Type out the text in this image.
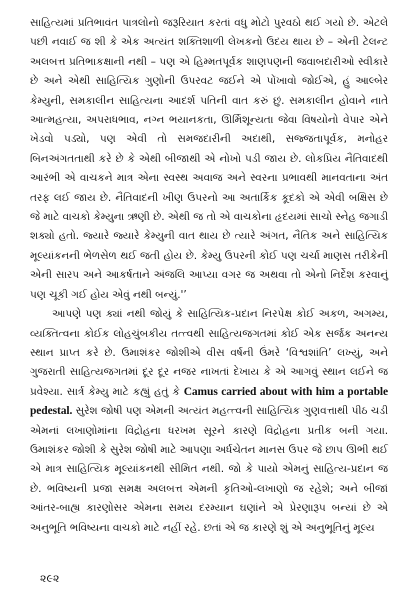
સાહિત્યમાં પ્રતિભાવંત પાત્રલોનો જરૂરિયાત કરતાં વધુ મોટો પુરવઠો થઈ ગયો છે. એટલે પછી નવાઈ જ શી કે એક અત્યંત શક્તિશાળી લેખકનો ઉદય થાય છે – એની ટેલન્ટ અલબત્ત પ્રતિભાકક્ષાની નથી – પણ એ હિમ્મતપૂર્વક શાણપણની જવાબદારીઓ સ્વીકારે છે અને એથી સાહિત્યિક ગુણોની ઉપરવટ જઈને એ પોંખાવો જોઈએ, હું આલ્બેર કેમ્યુની, સમકાલીન સાહિત્યના આદર્શ પતિની વાત કરું છું. સમકાલીન હોવાને નાતે આત્મહત્યા, અપરાધભાવ, નગ્ન ભયાનકતા, ઊર્મિશૂન્યતા જેવા વિષયોનો વેપાર એને ખેડવો પડ્યો, પણ એવી તો સમજદારીની અદાથી, સજ્જતાપૂર્વક, મનોહર બિનઅંગતતાથી કરે છે કે એથી બીજાથી એ નોખો પડી જાય છે. લોકપ્રિય નૈતિવાદથી આરંભી એ વાચકને માત્ર એના સ્વસ્થ અવાજ અને સ્વરના પ્રભાવથી માનવતાના અંત તરફ લઈ જાય છે. નૈતિવાદની ખીણ ઉપરનો આ અતાર્કિક કૂદકો એ એવી બક્ષિસ છે જે માટે વાચકો કેમ્યુના ઋણી છે. એથી જ તો એ વાચકોના હૃદયમાં સાચો સ્નેહ જગાડી શક્યો હતો. જ્યારે જ્યારે કેમ્યુની વાત થાય છે ત્યારે અંગત, નૈતિક અને સાહિત્યિક મૂલ્યાંકનની ભેળસેળ થઈ જતી હોય છે. કેમ્યુ ઉપરની કોઈ પણ ચર્ચા માણસ તરીકેની એની સારપ અને આકર્ષતાને અંજલિ આપ્યા વગર જ અથવા તો એનો નિર્દેશ કરવાનું પણ ચૂકી ગઈ હોય એવું નથી બન્યું.'’

આપણે પણ ક્યાં નથી જોયું કે સાહિત્યિક-પ્રદાન નિરપેક્ષ કોઈ અકળ, અગમ્ય, વ્યક્તિત્વના કોઈક લોહચુંબકીય તત્ત્વથી સાહિત્યજગતમાં કોઈ એક સર્જક અનન્ય સ્થાન પ્રાપ્ત કરે છે. ઉમાશંકર જોશીએ વીસ વર્ષની ઉંમરે ‘વિશ્વશાંતિ’ લખ્યું, અને ગુજરાતી સાહિત્યજગતમાં દૂર દૂર નજર નાખતાં દેખાય કે એ આગવું સ્થાન લઈને જ પ્રવેશ્યા. સાર્ત્ર કેમ્યુ માટે કહ્યું હતું કે Camus carried about with him a portable pedestal. સુરેશ જોષી પણ એમની અત્યંત મહત્ત્વની સાહિત્યિક ગુણવત્તાથી પીઠ ચડી એમનાં લખાણોમાંના વિદ્રોહના ધરખમ સૂરને કારણે વિદ્રોહના પ્રતીક બની ગયા. ઉમાશંકર જોશી કે સુરેશ જોષી માટે આપણા અર્ધચેતન માનસ ઉપર જે છાપ ઊભી થઈ એ માત્ર સાહિત્યિક મૂલ્યાંકનથી સીમિત નથી. જો કે પાયો એમનું સાહિત્ય-પ્રદાન જ છે. ભવિષ્યની પ્રજા સમક્ષ અલબત્ત એમની કૃતિઓ-લખાણો જ રહેશે; અને બીજાં આંતર-બાહ્ય કારણોસર એમના સમય દરમ્યાન ઘણાંને એ પ્રેરણારૂપ બન્યાં છે એ અનુભૂતિ ભવિષ્યના વાચકો માટે નહીં રહે. છતાં એ જ કારણે શું એ અનુભૂતિનું મૂલ્ય

૨૯૨
